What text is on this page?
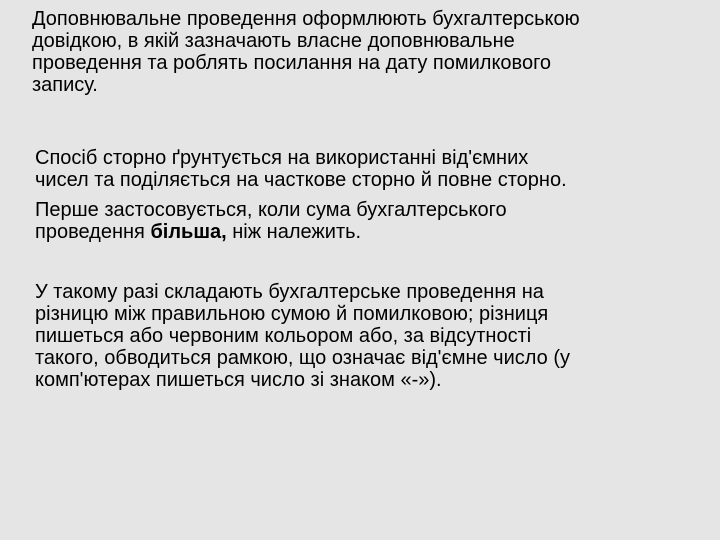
Доповнювальне проведення оформлюють бухгалтерською
довідкою, в якій зазначають власне доповнювальне
проведення та роблять посилання на дату помилкового
запису.

Спосіб сторно ґрунтується на використанні від'ємних
чисел та поділяється на часткове сторно й повне сторно.

Перше застосовується, коли сума бухгалтерського
проведення більша, ніж належить.

У такому разі складають бухгалтерське проведення на
різницю між правильною сумою й помилковою; різниця
пишеться або червоним кольором або, за відсутності
такого, обводиться рамкою, що означає від'ємне число (у
комп'ютерах пишеться число зі знаком «-»).
